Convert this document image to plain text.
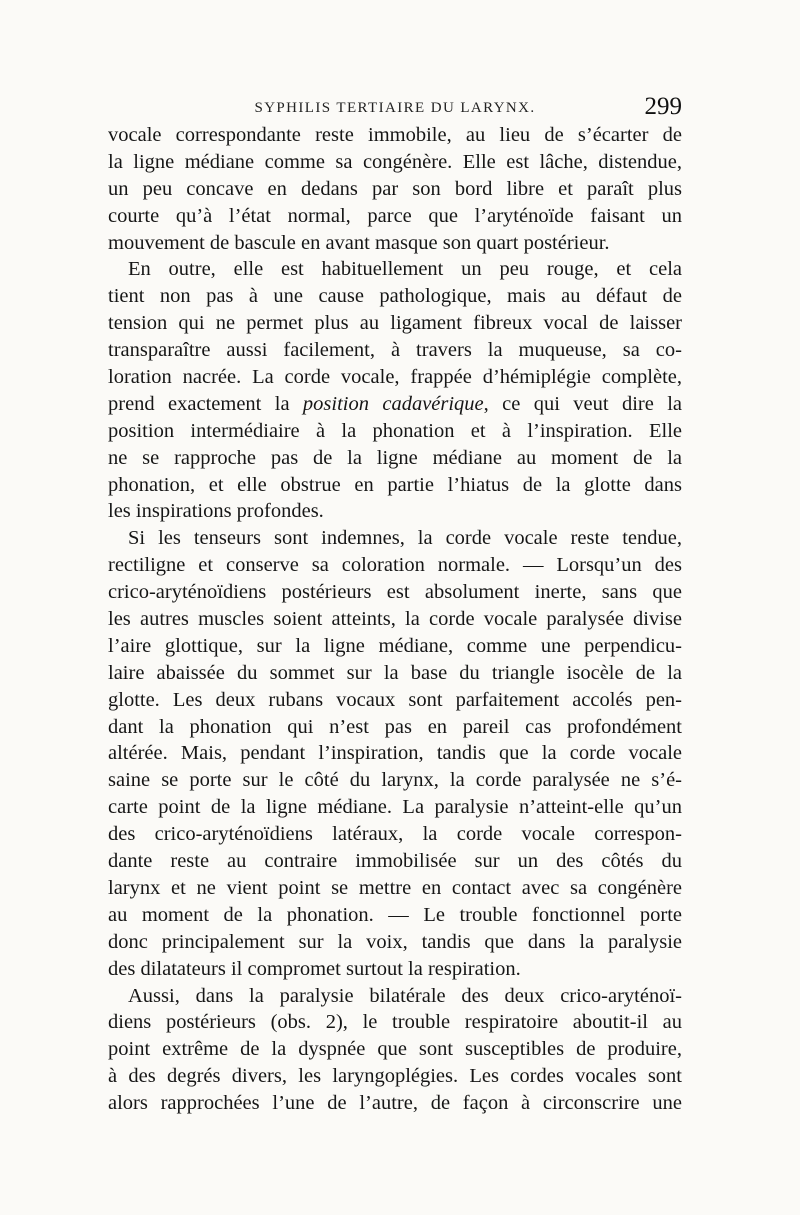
SYPHILIS TERTIAIRE DU LARYNX.	299
vocale correspondante reste immobile, au lieu de s’écarter de
la ligne médiane comme sa congénère. Elle est lâche, distendue,
un peu concave en dedans par son bord libre et paraît plus
courte qu’à l’état normal, parce que l’aryténoïde faisant un
mouvement de bascule en avant masque son quart postérieur.
En outre, elle est habituellement un peu rouge, et cela
tient non pas à une cause pathologique, mais au défaut de
tension qui ne permet plus au ligament fibreux vocal de laisser
transparaître aussi facilement, à travers la muqueuse, sa co-
loration nacrée. La corde vocale, frappée d’hémiplégie complète,
prend exactement la position cadavérique, ce qui veut dire la
position intermédiaire à la phonation et à l’inspiration. Elle
ne se rapproche pas de la ligne médiane au moment de la
phonation, et elle obstrue en partie l’hiatus de la glotte dans
les inspirations profondes.
Si les tenseurs sont indemnes, la corde vocale reste tendue,
rectiligne et conserve sa coloration normale. — Lorsqu’un des
crico-aryténoïdiens postérieurs est absolument inerte, sans que
les autres muscles soient atteints, la corde vocale paralysée divise
l’aire glottique, sur la ligne médiane, comme une perpendicu-
laire abaissée du sommet sur la base du triangle isocèle de la
glotte. Les deux rubans vocaux sont parfaitement accolés pen-
dant la phonation qui n’est pas en pareil cas profondément
altérée. Mais, pendant l’inspiration, tandis que la corde vocale
saine se porte sur le côté du larynx, la corde paralysée ne s’é-
carte point de la ligne médiane. La paralysie n’atteint-elle qu’un
des crico-aryténoïdiens latéraux, la corde vocale correspon-
dante reste au contraire immobilisée sur un des côtés du
larynx et ne vient point se mettre en contact avec sa congénère
au moment de la phonation. — Le trouble fonctionnel porte
donc principalement sur la voix, tandis que dans la paralysie
des dilatateurs il compromet surtout la respiration.
Aussi, dans la paralysie bilatérale des deux crico-aryténoï-
diens postérieurs (obs. 2), le trouble respiratoire aboutit-il au
point extrême de la dyspnée que sont susceptibles de produire,
à des degrés divers, les laryngoplégies. Les cordes vocales sont
alors rapprochées l’une de l’autre, de façon à circonscrire une
